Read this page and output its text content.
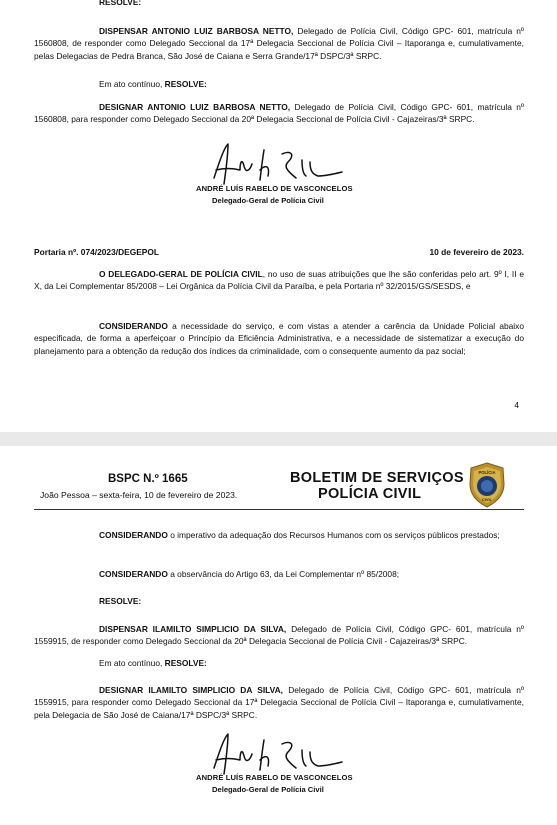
RESOLVE:

DISPENSAR ANTONIO LUIZ BARBOSA NETTO, Delegado de Polícia Civil, Código GPC- 601, matrícula nº 1560808, de responder como Delegado Seccional da 17ª Delegacia Seccional de Polícia Civil – Itaporanga e, cumulativamente, pelas Delegacias de Pedra Branca, São José de Caiana e Serra Grande/17ª DSPC/3ª SRPC.

Em ato contínuo, RESOLVE:

DESIGNAR ANTONIO LUIZ BARBOSA NETTO, Delegado de Polícia Civil, Código GPC- 601, matrícula nº 1560808, para responder como Delegado Seccional da 20ª Delegacia Seccional de Polícia Civil - Cajazeiras/3ª SRPC.

ANDRÉ LUÍS RABELO DE VASCONCELOS
Delegado-Geral de Polícia Civil
Portaria nº. 074/2023/DEGEPOL	10 de fevereiro de 2023.

O DELEGADO-GERAL DE POLÍCIA CIVIL, no uso de suas atribuições que lhe são conferidas pelo art. 9º I, II e X, da Lei Complementar 85/2008 – Lei Orgânica da Polícia Civil da Paraíba, e pela Portaria nº 32/2015/GS/SESDS, e

CONSIDERANDO a necessidade do serviço, e com vistas a atender a carência da Unidade Policial abaixo especificada, de forma a aperfeiçoar o Princípio da Eficiência Administrativa, e a necessidade de sistematizar a execução do planejamento para a obtenção da redução dos índices da criminalidade, com o consequente aumento da paz social;

4
BSPC N.º 1665
João Pessoa – sexta-feira, 10 de fevereiro de 2023.
BOLETIM DE SERVIÇOS
POLÍCIA CIVIL
POLÍCIA
CIVIL

CONSIDERANDO o imperativo da adequação dos Recursos Humanos com os serviços públicos prestados;

CONSIDERANDO a observância do Artigo 63, da Lei Complementar nº 85/2008;

RESOLVE:

DISPENSAR ILAMILTO SIMPLICIO DA SILVA, Delegado de Polícia Civil, Código GPC- 601, matrícula nº 1559915, de responder como Delegado Seccional da 20ª Delegacia Seccional de Polícia Civil - Cajazeiras/3ª SRPC.

Em ato contínuo, RESOLVE:

DESIGNAR ILAMILTO SIMPLICIO DA SILVA, Delegado de Polícia Civil, Código GPC- 601, matrícula nº 1559915, para responder como Delegado Seccional da 17ª Delegacia Seccional de Polícia Civil – Itaporanga e, cumulativamente, pela Delegacia de São José de Caiana/17ª DSPC/3ª SRPC.

ANDRÉ LUÍS RABELO DE VASCONCELOS
Delegado-Geral de Polícia Civil
